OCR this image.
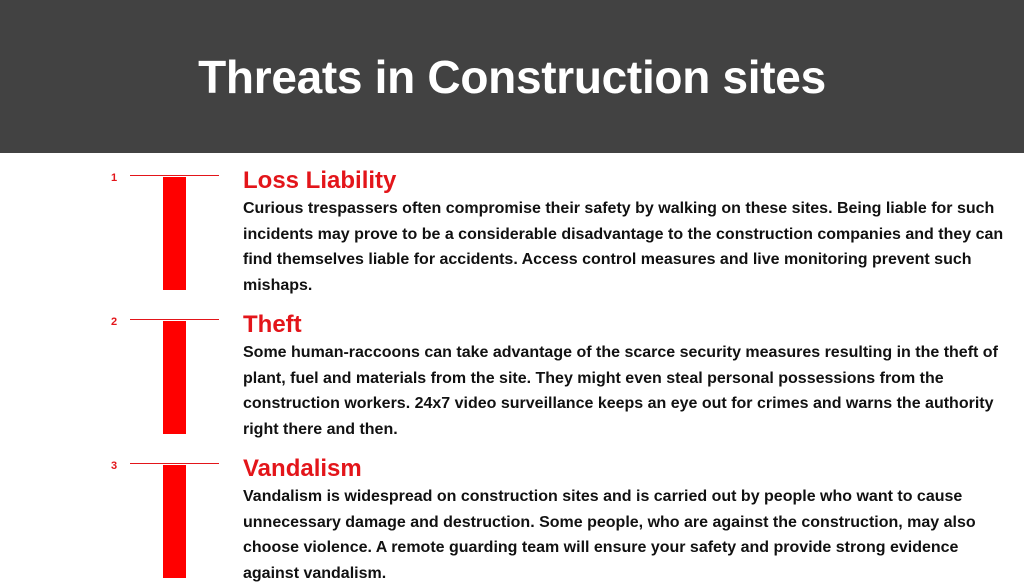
Threats in Construction sites
1	Loss Liability

Curious trespassers often compromise their safety by walking on these sites. Being liable for such incidents may prove to be a considerable disadvantage to the construction companies and they can find themselves liable for accidents. Access control measures and live monitoring prevent such mishaps.

2	Theft

Some human-raccoons can take advantage of the scarce security measures resulting in the theft of plant, fuel and materials from the site. They might even steal personal possessions from the construction workers. 24x7 video surveillance keeps an eye out for crimes and warns the authority right there and then.

3	Vandalism

Vandalism is widespread on construction sites and is carried out by people who want to cause unnecessary damage and destruction. Some people, who are against the construction, may also choose violence. A remote guarding team will ensure your safety and provide strong evidence against vandalism.
